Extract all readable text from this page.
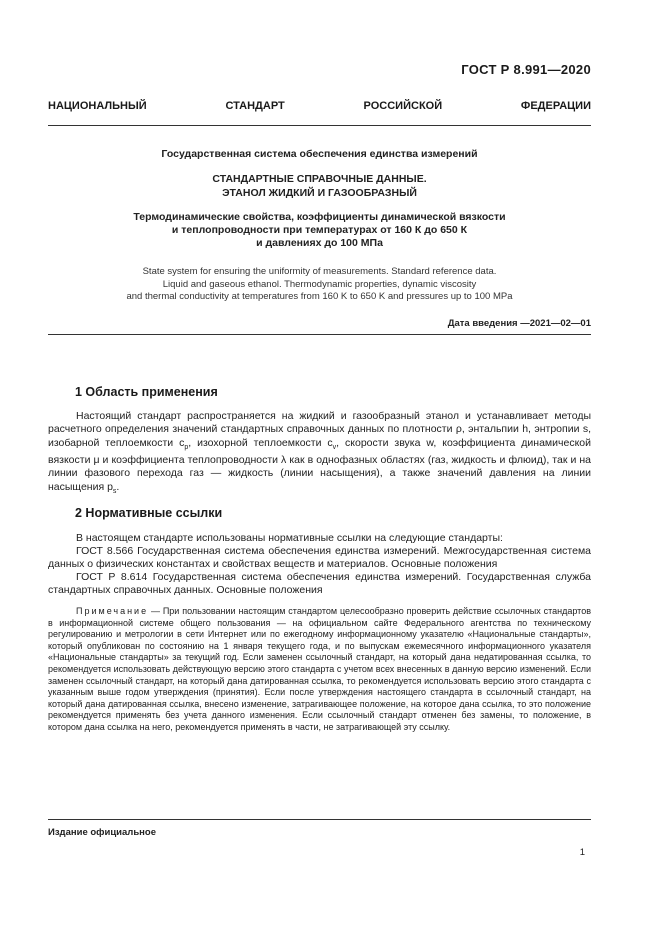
ГОСТ Р 8.991—2020
НАЦИОНАЛЬНЫЙ СТАНДАРТ РОССИЙСКОЙ ФЕДЕРАЦИИ
Государственная система обеспечения единства измерений
СТАНДАРТНЫЕ СПРАВОЧНЫЕ ДАННЫЕ.
ЭТАНОЛ ЖИДКИЙ И ГАЗООБРАЗНЫЙ
Термодинамические свойства, коэффициенты динамической вязкости
и теплопроводности при температурах от 160 К до 650 К
и давлениях до 100 МПа
State system for ensuring the uniformity of measurements. Standard reference data.
Liquid and gaseous ethanol. Thermodynamic properties, dynamic viscosity
and thermal conductivity at temperatures from 160 K to 650 K and pressures up to 100 MPa
Дата введения —2021—02—01
1 Область применения
Настоящий стандарт распространяется на жидкий и газообразный этанол и устанавливает методы расчетного определения значений стандартных справочных данных по плотности ρ, энтальпии h, энтропии s, изобарной теплоемкости $c_p$, изохорной теплоемкости $c_v$, скорости звука w, коэффициента динамической вязкости μ и коэффициента теплопроводности λ как в однофазных областях (газ, жидкость и флюид), так и на линии фазового перехода газ — жидкость (линии насыщения), а также значений давления на линии насыщения $p_s$.
2 Нормативные ссылки
В настоящем стандарте использованы нормативные ссылки на следующие стандарты:
ГОСТ 8.566 Государственная система обеспечения единства измерений. Межгосударственная система данных о физических константах и свойствах веществ и материалов. Основные положения
ГОСТ Р 8.614 Государственная система обеспечения единства измерений. Государственная служба стандартных справочных данных. Основные положения
Примечание — При пользовании настоящим стандартом целесообразно проверить действие ссылочных стандартов в информационной системе общего пользования — на официальном сайте Федерального агентства по техническому регулированию и метрологии в сети Интернет или по ежегодному информационному указателю «Национальные стандарты», который опубликован по состоянию на 1 января текущего года, и по выпускам ежемесячного информационного указателя «Национальные стандарты» за текущий год. Если заменен ссылочный стандарт, на который дана недатированная ссылка, то рекомендуется использовать действующую версию этого стандарта с учетом всех внесенных в данную версию изменений. Если заменен ссылочный стандарт, на который дана датированная ссылка, то рекомендуется использовать версию этого стандарта с указанным выше годом утверждения (принятия). Если после утверждения настоящего стандарта в ссылочный стандарт, на который дана датированная ссылка, внесено изменение, затрагивающее положение, на которое дана ссылка, то это положение рекомендуется применять без учета данного изменения. Если ссылочный стандарт отменен без замены, то положение, в котором дана ссылка на него, рекомендуется применять в части, не затрагивающей эту ссылку.
Издание официальное
1
